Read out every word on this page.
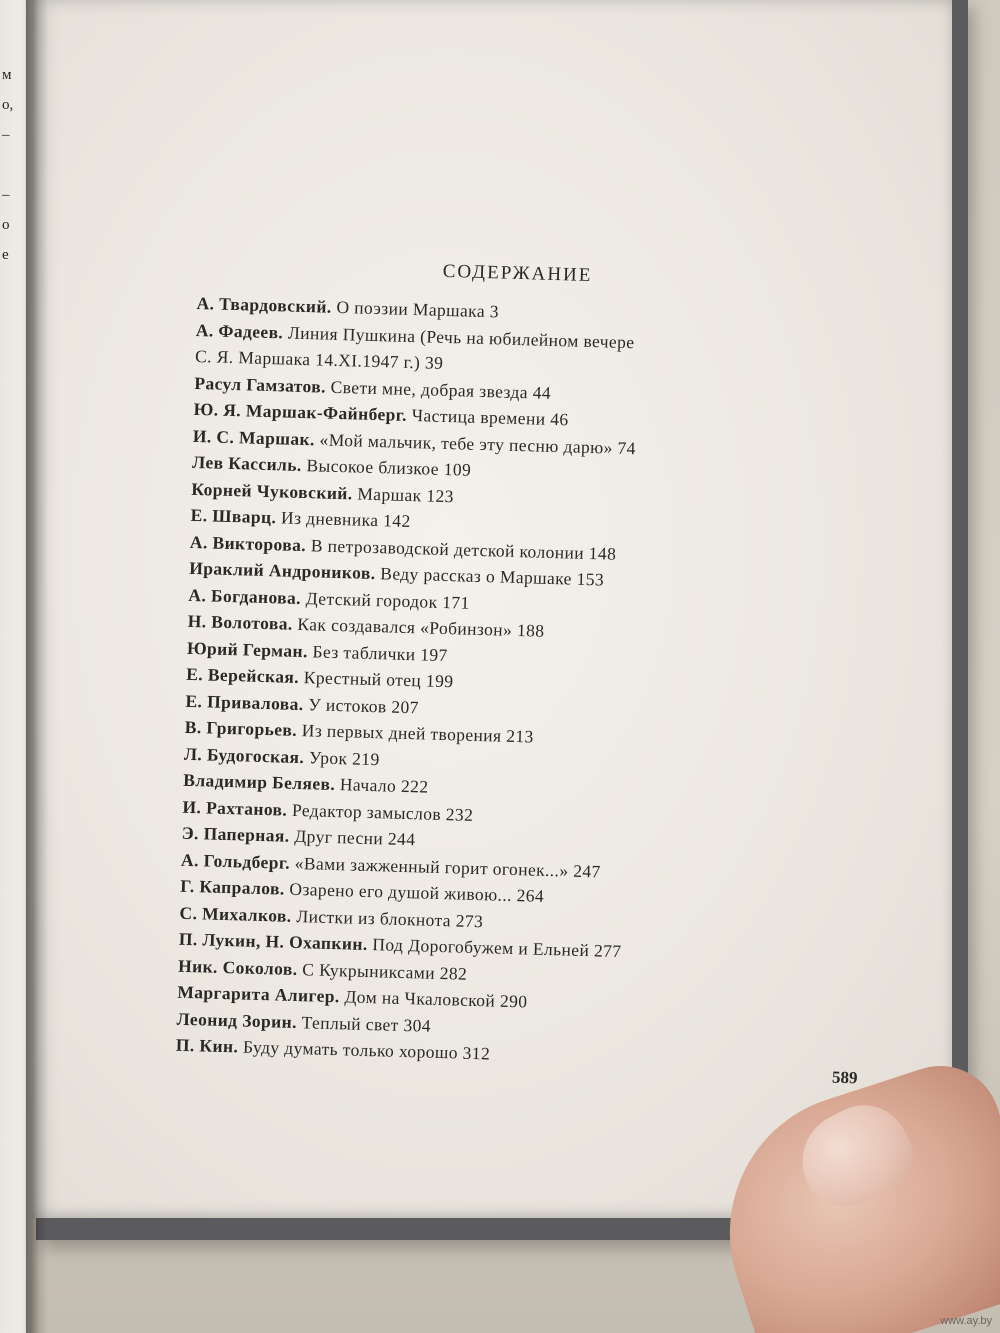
м
о,
–
–
о
е
СОДЕРЖАНИЕ
А. Твардовский. О поэзии Маршака 3
А. Фадеев. Линия Пушкина (Речь на юбилейном вечере
С. Я. Маршака 14.XI.1947 г.) 39
Расул Гамзатов. Свети мне, добрая звезда 44
Ю. Я. Маршак-Файнберг. Частица времени 46
И. С. Маршак. «Мой мальчик, тебе эту песню дарю» 74
Лев Кассиль. Высокое близкое 109
Корней Чуковский. Маршак 123
Е. Шварц. Из дневника 142
А. Викторова. В петрозаводской детской колонии 148
Ираклий Андроников. Веду рассказ о Маршаке 153
А. Богданова. Детский городок 171
Н. Волотова. Как создавался «Робинзон» 188
Юрий Герман. Без таблички 197
Е. Верейская. Крестный отец 199
Е. Привалова. У истоков 207
В. Григорьев. Из первых дней творения 213
Л. Будогоская. Урок 219
Владимир Беляев. Начало 222
И. Рахтанов. Редактор замыслов 232
Э. Паперная. Друг песни 244
А. Гольдберг. «Вами зажженный горит огонек...» 247
Г. Капралов. Озарено его душой живою... 264
С. Михалков. Листки из блокнота 273
П. Лукин, Н. Охапкин. Под Дорогобужем и Ельней 277
Ник. Соколов. С Кукрыниксами 282
Маргарита Алигер. Дом на Чкаловской 290
Леонид Зорин. Теплый свет 304
П. Кин. Буду думать только хорошо 312
589
www.ay.by
